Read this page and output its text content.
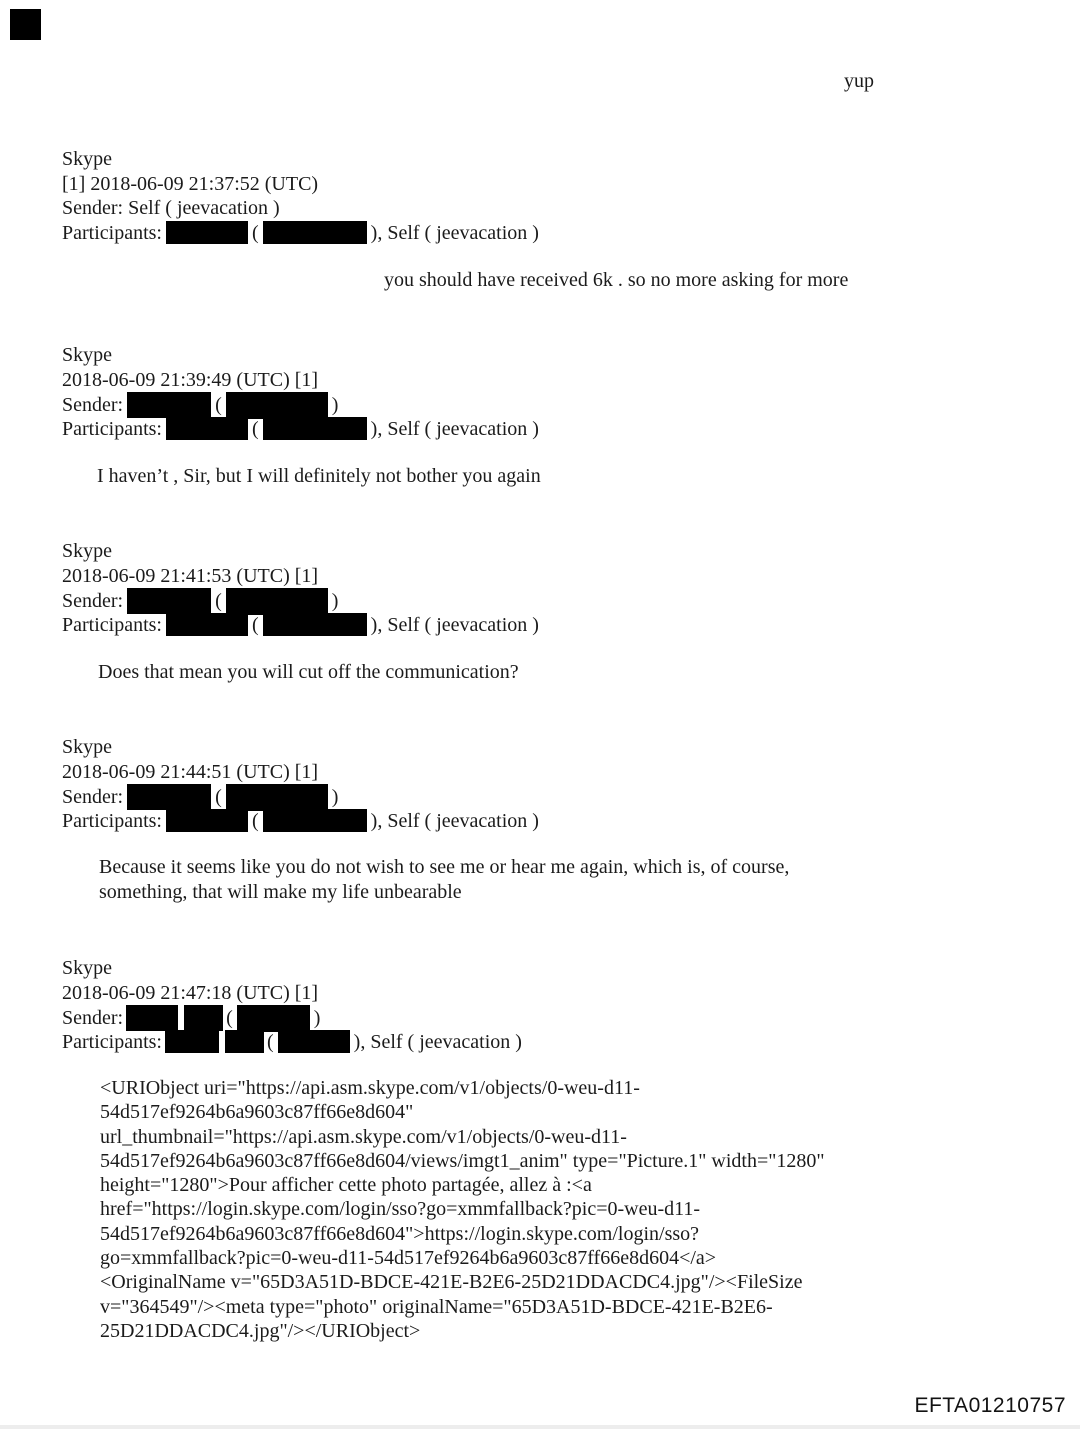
yup
Skype
[1] 2018-06-09 21:37:52 (UTC)
Sender: Self ( jeevacation )
Participants:	(	), Self ( jeevacation )
you should have received 6k . so no more asking for more
Skype
2018-06-09 21:39:49 (UTC) [1]
Sender:	(	)
Participants:	(	), Self ( jeevacation )
I haven’t , Sir, but I will definitely not bother you again
Skype
2018-06-09 21:41:53 (UTC) [1]
Sender:	(	)
Participants:	(	), Self ( jeevacation )
Does that mean you will cut off the communication?
Skype
2018-06-09 21:44:51 (UTC) [1]
Sender:	(	)
Participants:	(	), Self ( jeevacation )
Because it seems like you do not wish to see me or hear me again, which is, of course,
something, that will make my life unbearable
Skype
2018-06-09 21:47:18 (UTC) [1]
Sender:	(	)
Participants:	(	), Self ( jeevacation )
<URIObject uri="https://api.asm.skype.com/v1/objects/0-weu-d11-
54d517ef9264b6a9603c87ff66e8d604"
url_thumbnail="https://api.asm.skype.com/v1/objects/0-weu-d11-
54d517ef9264b6a9603c87ff66e8d604/views/imgt1_anim" type="Picture.1" width="1280"
height="1280">Pour afficher cette photo partagée, allez à :<a
href="https://login.skype.com/login/sso?go=xmmfallback?pic=0-weu-d11-
54d517ef9264b6a9603c87ff66e8d604">https://login.skype.com/login/sso?
go=xmmfallback?pic=0-weu-d11-54d517ef9264b6a9603c87ff66e8d604</a>
<OriginalName v="65D3A51D-BDCE-421E-B2E6-25D21DDACDC4.jpg"/><FileSize
v="364549"/><meta type="photo" originalName="65D3A51D-BDCE-421E-B2E6-
25D21DDACDC4.jpg"/></URIObject>
EFTA01210757
